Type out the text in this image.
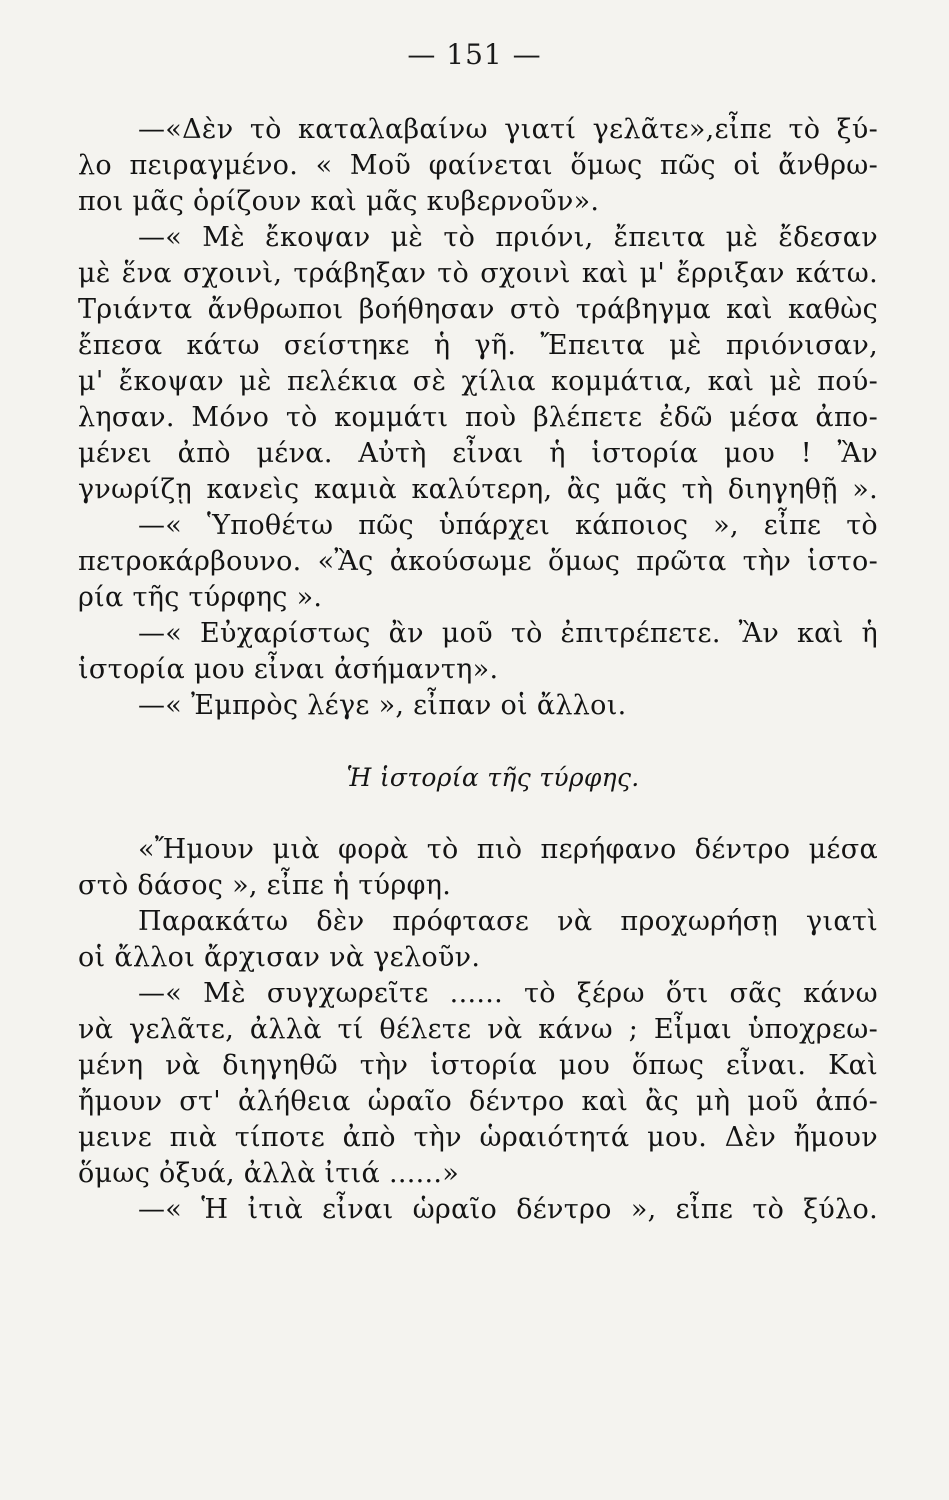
— 151 —
—«Δὲν τὸ καταλαβαίνω γιατί γελᾶτε»,εἶπε τὸ ξύ-
λο πειραγμένο. « Μοῦ φαίνεται ὅμως πῶς οἱ ἄνθρω-
ποι μᾶς ὁρίζουν καὶ μᾶς κυβερνοῦν».
—« Μὲ ἔκοψαν μὲ τὸ πριόνι, ἔπειτα μὲ ἔδεσαν
μὲ ἕνα σχοινὶ, τράβηξαν τὸ σχοινὶ καὶ μ' ἔρριξαν κάτω.
Τριάντα ἄνθρωποι βοήθησαν στὸ τράβηγμα καὶ καθὼς
ἔπεσα κάτω σείστηκε ἡ γῆ. Ἔπειτα μὲ πριόνισαν,
μ' ἔκοψαν μὲ πελέκια σὲ χίλια κομμάτια, καὶ μὲ πού-
λησαν. Μόνο τὸ κομμάτι ποὺ βλέπετε ἐδῶ μέσα ἀπο-
μένει ἀπὸ μένα. Αὐτὴ εἶναι ἡ ἱστορία μου ! Ἂν
γνωρίζῃ κανεὶς καμιὰ καλύτερη, ἂς μᾶς τὴ διηγηθῇ ».
—« Ὑποθέτω πῶς ὑπάρχει κάποιος », εἶπε τὸ
πετροκάρβουνο. «Ἂς ἀκούσωμε ὅμως πρῶτα τὴν ἱστο-
ρία τῆς τύρφης ».
—« Εὐχαρίστως ἂν μοῦ τὸ ἐπιτρέπετε. Ἂν καὶ ἡ
ἱστορία μου εἶναι ἀσήμαντη».
—« Ἐμπρὸς λέγε », εἶπαν οἱ ἄλλοι.
Ἡ ἱστορία τῆς τύρφης.
«Ἤμουν μιὰ φορὰ τὸ πιὸ περήφανο δέντρο μέσα
στὸ δάσος », εἶπε ἡ τύρφη.
Παρακάτω δὲν πρόφτασε νὰ προχωρήσῃ γιατὶ
οἱ ἄλλοι ἄρχισαν νὰ γελοῦν.
—« Μὲ συγχωρεῖτε ...... τὸ ξέρω ὅτι σᾶς κάνω
νὰ γελᾶτε, ἀλλὰ τί θέλετε νὰ κάνω ; Εἶμαι ὑποχρεω-
μένη νὰ διηγηθῶ τὴν ἱστορία μου ὅπως εἶναι. Καὶ
ἤμουν στ' ἀλήθεια ὡραῖο δέντρο καὶ ἂς μὴ μοῦ ἀπό-
μεινε πιὰ τίποτε ἀπὸ τὴν ὡραιότητά μου. Δὲν ἤμουν
ὅμως ὀξυά, ἀλλὰ ἰτιά ......»
—« Ἡ ἰτιὰ εἶναι ὡραῖο δέντρο », εἶπε τὸ ξύλο.
